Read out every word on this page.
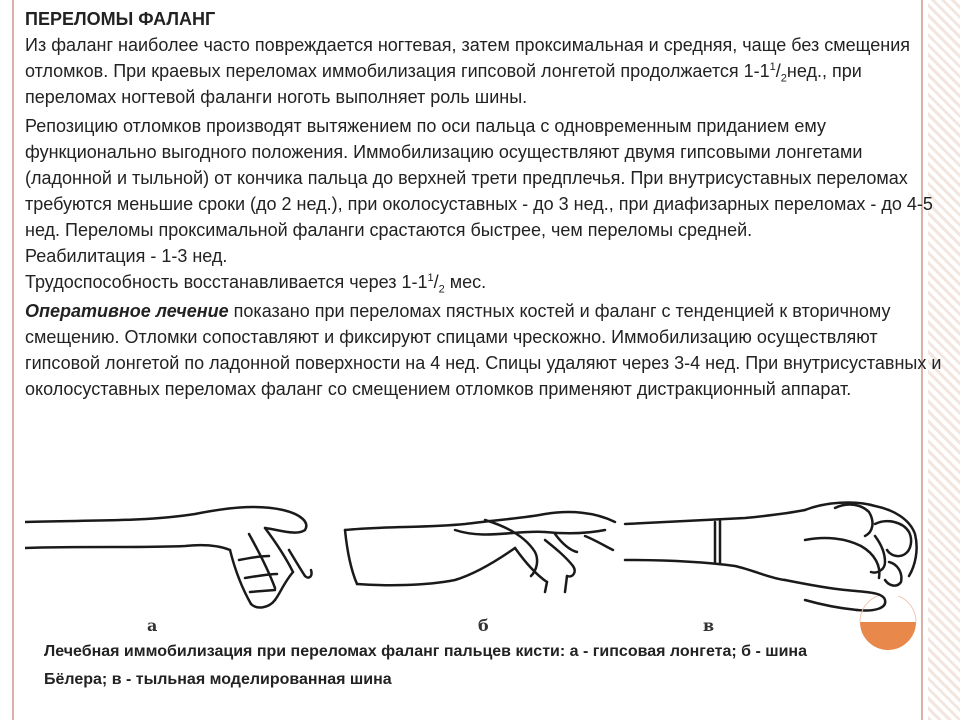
ПЕРЕЛОМЫ ФАЛАНГ

Из фаланг наиболее часто повреждается ногтевая, затем проксимальная и средняя, чаще без смещения отломков. При краевых переломах иммобилизация гипсовой лонгетой продолжается $1-1^1/_2нед$., при переломах ногтевой фаланги ноготь выполняет роль шины.

Репозицию отломков производят вытяжением по оси пальца с одновременным приданием ему функционально выгодного положения. Иммобилизацию осуществляют двумя гипсовыми лонгетами (ладонной и тыльной) от кончика пальца до верхней трети предплечья. При внутрисуставных переломах требуются меньшие сроки (до 2 нед.), при околосуставных - до 3 нед., при диафизарных переломах - до 4-5 нед. Переломы проксимальной фаланги срастаются быстрее, чем переломы средней.

Реабилитация - 1-3 нед.

Трудоспособность восстанавливается через $1-1^1/_2$ мес.

Оперативное лечение показано при переломах пястных костей и фаланг с тенденцией к вторичному смещению. Отломки сопоставляют и фиксируют спицами чрескожно. Иммобилизацию осуществляют гипсовой лонгетой по ладонной поверхности на 4 нед. Спицы удаляют через 3-4 нед. При внутрисуставных и околосуставных переломах фаланг со смещением отломков применяют дистракционный аппарат.

а	б	в
Лечебная иммобилизация при переломах фаланг пальцев кисти: а - гипсовая лонгета; б - шина Бёлера; в - тыльная моделированная шина
